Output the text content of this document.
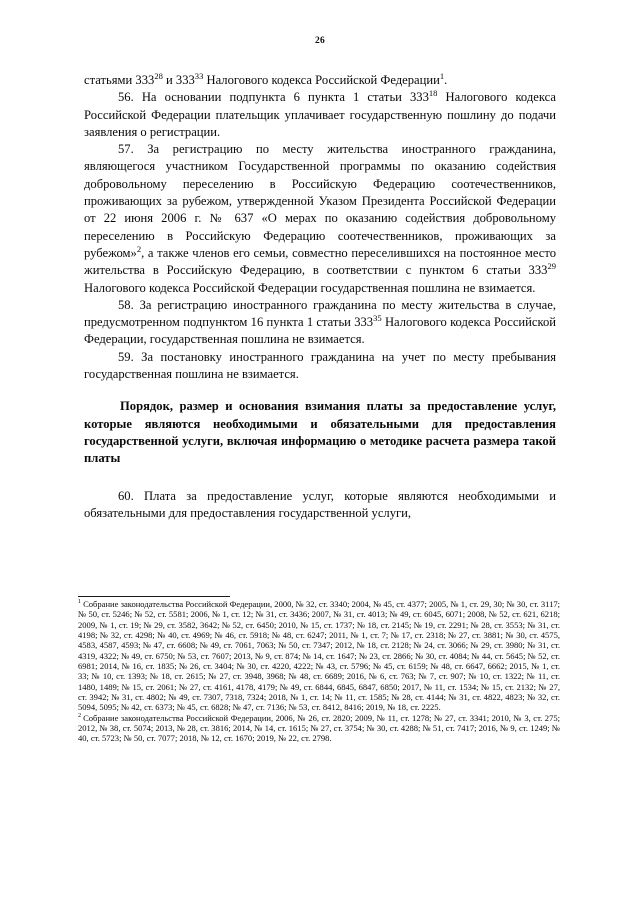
26

статьями $333^{28}$ и $333^{33}$ Налогового кодекса Российской Федерации$^1$.

56. На основании подпункта 6 пункта 1 статьи $333^{18}$ Налогового кодекса Российской Федерации плательщик уплачивает государственную пошлину до подачи заявления о регистрации.

57. За регистрацию по месту жительства иностранного гражданина, являющегося участником Государственной программы по оказанию содействия добровольному переселению в Российскую Федерацию соотечественников, проживающих за рубежом, утвержденной Указом Президента Российской Федерации от 22 июня 2006 г. № 637 «О мерах по оказанию содействия добровольному переселению в Российскую Федерацию соотечественников, проживающих за рубежом»$^2$, а также членов его семьи, совместно переселившихся на постоянное место жительства в Российскую Федерацию, в соответствии с пунктом 6 статьи $333^{29}$ Налогового кодекса Российской Федерации государственная пошлина не взимается.

58. За регистрацию иностранного гражданина по месту жительства в случае, предусмотренном подпунктом 16 пункта 1 статьи $333^{35}$ Налогового кодекса Российской Федерации, государственная пошлина не взимается.

59. За постановку иностранного гражданина на учет по месту пребывания государственная пошлина не взимается.

Порядок, размер и основания взимания платы за предоставление услуг, которые являются необходимыми и обязательными для предоставления государственной услуги, включая информацию о методике расчета размера такой платы

60. Плата за предоставление услуг, которые являются необходимыми и обязательными для предоставления государственной услуги,

$^1$ Собрание законодательства Российской Федерации, 2000, № 32, ст. 3340; 2004, № 45, ст. 4377; 2005, № 1, ст. 29, 30; № 30, ст. 3117; № 50, ст. 5246; № 52, ст. 5581; 2006, № 1, ст. 12; № 31, ст. 3436; 2007, № 31, ст. 4013; № 49, ст. 6045, 6071; 2008, № 52, ст. 621, 6218; 2009, № 1, ст. 19; № 29, ст. 3582, 3642; № 52, ст. 6450; 2010, № 15, ст. 1737; № 18, ст. 2145; № 19, ст. 2291; № 28, ст. 3553; № 31, ст. 4198; № 32, ст. 4298; № 40, ст. 4969; № 46, ст. 5918; № 48, ст. 6247; 2011, № 1, ст. 7; № 17, ст. 2318; № 27, ст. 3881; № 30, ст. 4575, 4583, 4587, 4593; № 47, ст. 6608; № 49, ст. 7061, 7063; № 50, ст. 7347; 2012, № 18, ст. 2128; № 24, ст. 3066; № 29, ст. 3980; № 31, ст. 4319, 4322; № 49, ст. 6750; № 53, ст. 7607; 2013, № 9, ст. 874; № 14, ст. 1647; № 23, ст. 2866; № 30, ст. 4084; № 44, ст. 5645; № 52, ст. 6981; 2014, № 16, ст. 1835; № 26, ст. 3404; № 30, ст. 4220, 4222; № 43, ст. 5796; № 45, ст. 6159; № 48, ст. 6647, 6662; 2015, № 1, ст. 33; № 10, ст. 1393; № 18, ст. 2615; № 27, ст. 3948, 3968; № 48, ст. 6689; 2016, № 6, ст. 763; № 7, ст. 907; № 10, ст. 1322; № 11, ст. 1480, 1489; № 15, ст. 2061; № 27, ст. 4161, 4178, 4179; № 49, ст. 6844, 6845, 6847, 6850; 2017, № 11, ст. 1534; № 15, ст. 2132; № 27, ст. 3942; № 31, ст. 4802; № 49, ст. 7307, 7318, 7324; 2018, № 1, ст. 14; № 11, ст. 1585; № 28, ст. 4144; № 31, ст. 4822, 4823; № 32, ст. 5094, 5095; № 42, ст. 6373; № 45, ст. 6828; № 47, ст. 7136; № 53, ст. 8412, 8416; 2019, № 18, ст. 2225.

$^2$ Собрание законодательства Российской Федерации, 2006, № 26, ст. 2820; 2009, № 11, ст. 1278; № 27, ст. 3341; 2010, № 3, ст. 275; 2012, № 38, ст. 5074; 2013, № 28, ст. 3816; 2014, № 14, ст. 1615; № 27, ст. 3754; № 30, ст. 4288; № 51, ст. 7417; 2016, № 9, ст. 1249; № 40, ст. 5723; № 50, ст. 7077; 2018, № 12, ст. 1670; 2019, № 22, ст. 2798.
